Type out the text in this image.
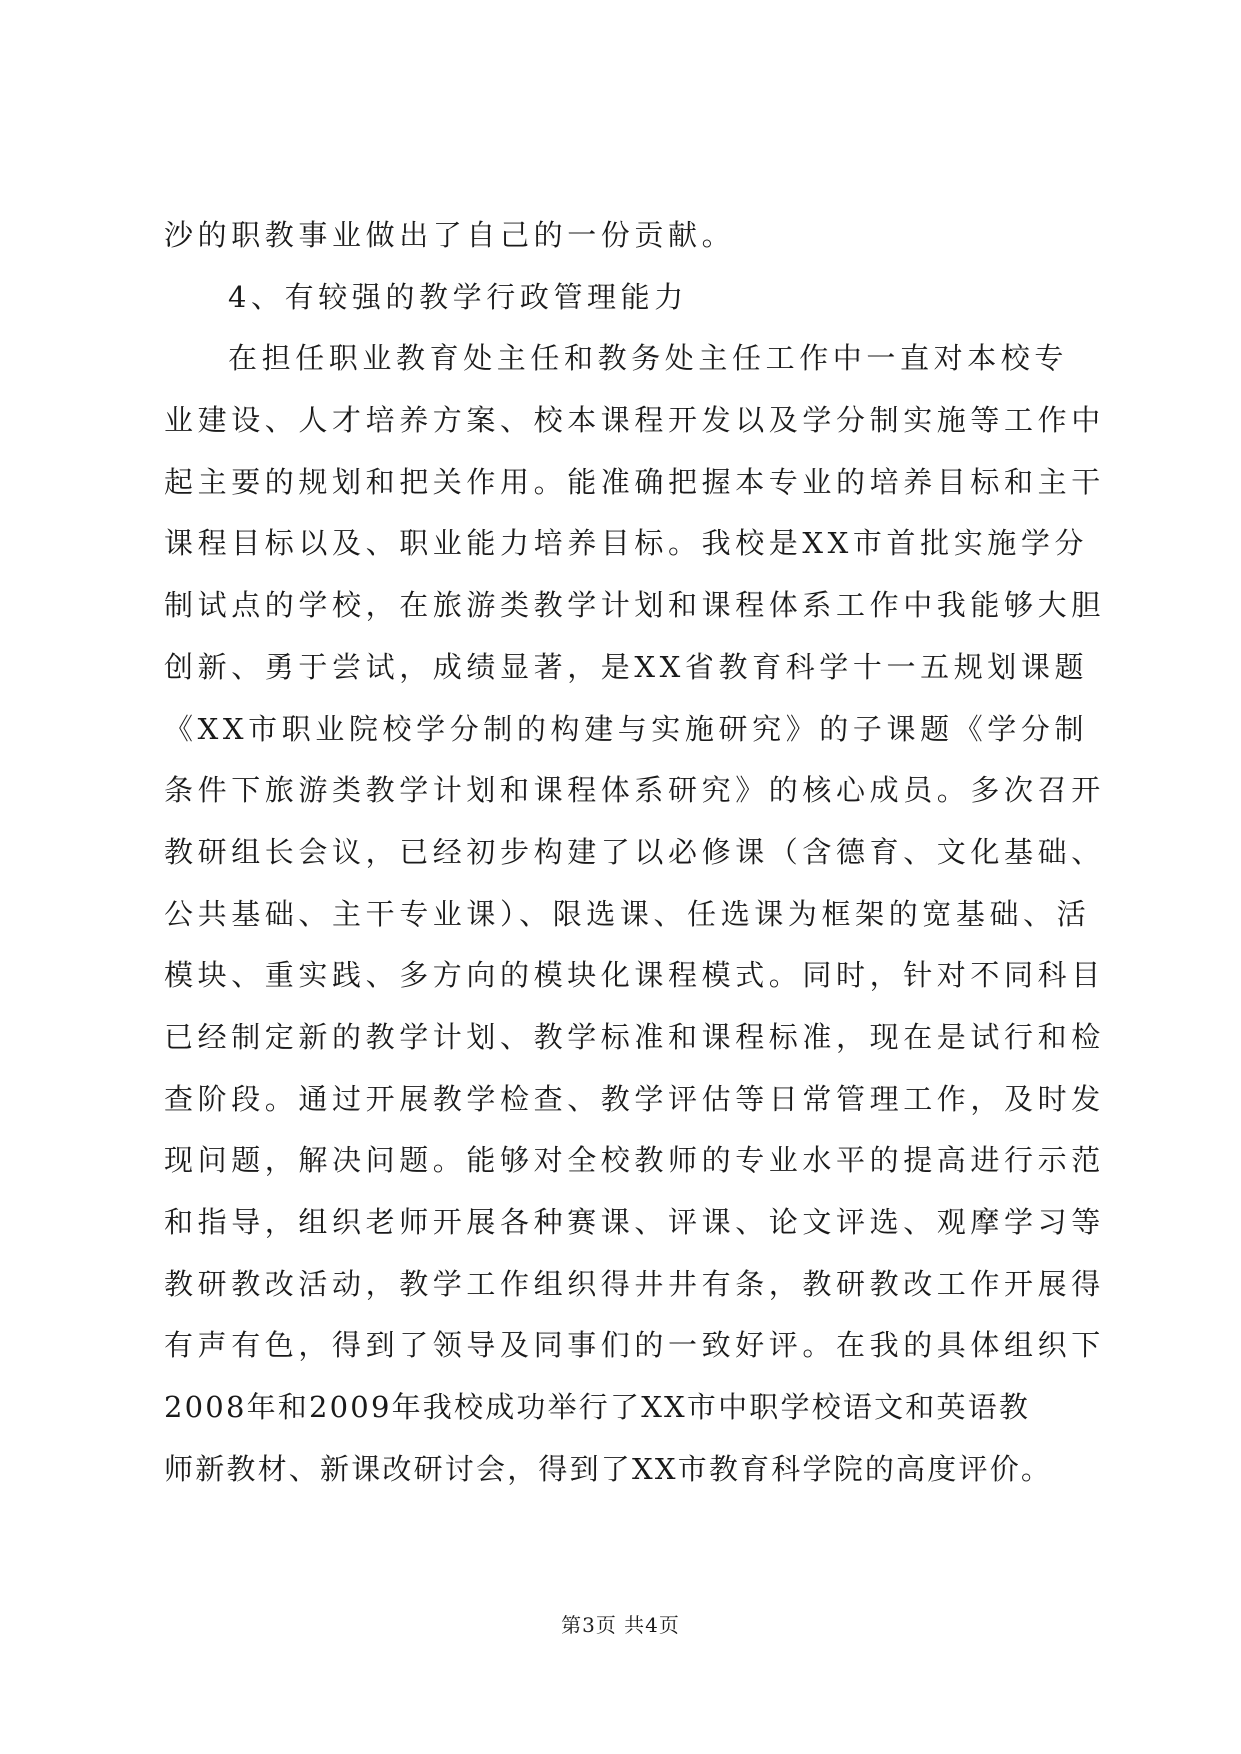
沙的职教事业做出了自己的一份贡献。
4、有较强的教学行政管理能力
在担任职业教育处主任和教务处主任工作中一直对本校专
业建设、人才培养方案、校本课程开发以及学分制实施等工作中
起主要的规划和把关作用。能准确把握本专业的培养目标和主干
课程目标以及、职业能力培养目标。我校是XX市首批实施学分
制试点的学校，在旅游类教学计划和课程体系工作中我能够大胆
创新、勇于尝试，成绩显著，是XX省教育科学十一五规划课题
《XX市职业院校学分制的构建与实施研究》的子课题《学分制
条件下旅游类教学计划和课程体系研究》的核心成员。多次召开
教研组长会议，已经初步构建了以必修课（含德育、文化基础、
公共基础、主干专业课）、限选课、任选课为框架的宽基础、活
模块、重实践、多方向的模块化课程模式。同时，针对不同科目
已经制定新的教学计划、教学标准和课程标准，现在是试行和检
查阶段。通过开展教学检查、教学评估等日常管理工作，及时发
现问题，解决问题。能够对全校教师的专业水平的提高进行示范
和指导，组织老师开展各种赛课、评课、论文评选、观摩学习等
教研教改活动，教学工作组织得井井有条，教研教改工作开展得
有声有色，得到了领导及同事们的一致好评。在我的具体组织下
2008年和2009年我校成功举行了XX市中职学校语文和英语教
师新教材、新课改研讨会，得到了XX市教育科学院的高度评价。
第3页 共4页
